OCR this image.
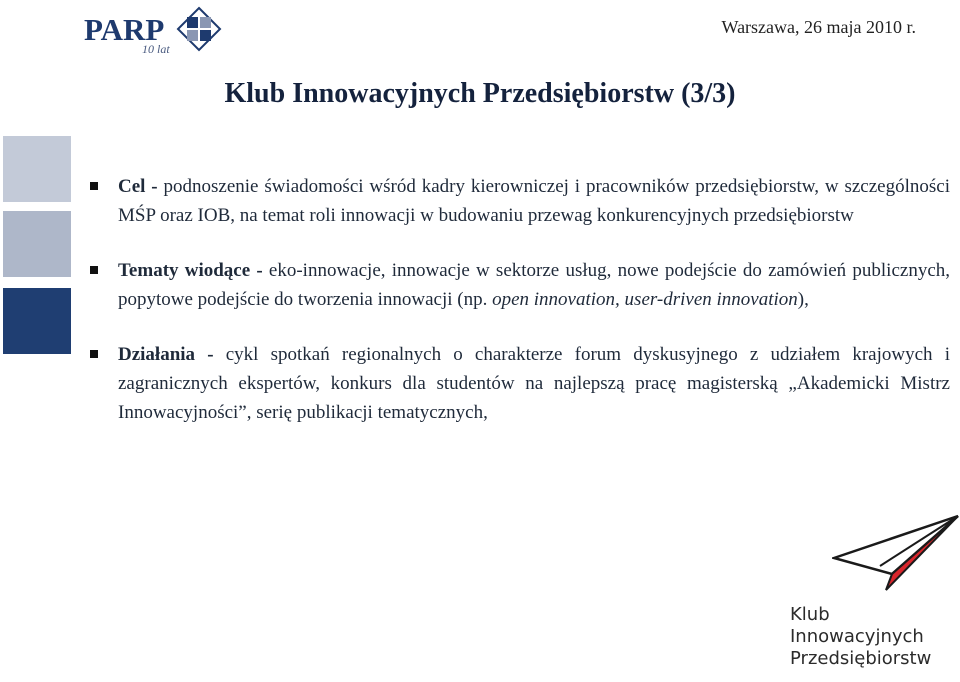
PARP
10 lat
Warszawa, 26 maja 2010 r.
Klub Innowacyjnych Przedsiębiorstw (3/3)
Cel - podnoszenie świadomości wśród kadry kierowniczej i pracowników przedsiębiorstw, w szczególności MŚP oraz IOB, na temat roli innowacji w budowaniu przewag konkurencyjnych przedsiębiorstw
Tematy wiodące - eko-innowacje, innowacje w sektorze usług, nowe podejście do zamówień publicznych, popytowe podejście do tworzenia innowacji (np. open innovation, user-driven innovation),
Działania - cykl spotkań regionalnych o charakterze forum dyskusyjnego z udziałem krajowych i zagranicznych ekspertów, konkurs dla studentów na najlepszą pracę magisterską „Akademicki Mistrz Innowacyjności”, serię publikacji tematycznych,
Klub
Innowacyjnych
Przedsiębiorstw
